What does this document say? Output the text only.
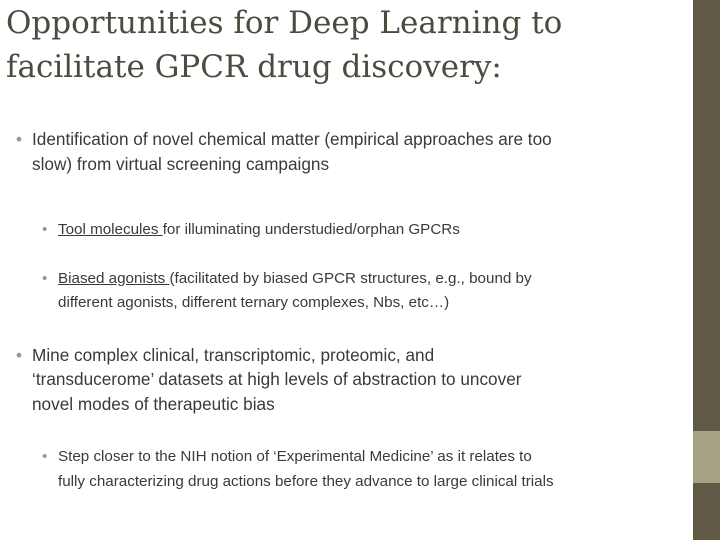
Opportunities for Deep Learning to
facilitate GPCR drug discovery:
• Identification of novel chemical matter (empirical approaches are too
slow) from virtual screening campaigns
• Tool molecules for illuminating understudied/orphan GPCRs
• Biased agonists (facilitated by biased GPCR structures, e.g., bound by
different agonists, different ternary complexes, Nbs, etc…)
• Mine complex clinical, transcriptomic, proteomic, and
‘transducerome’ datasets at high levels of abstraction to uncover
novel modes of therapeutic bias
• Step closer to the NIH notion of ‘Experimental Medicine’ as it relates to
fully characterizing drug actions before they advance to large clinical trials
